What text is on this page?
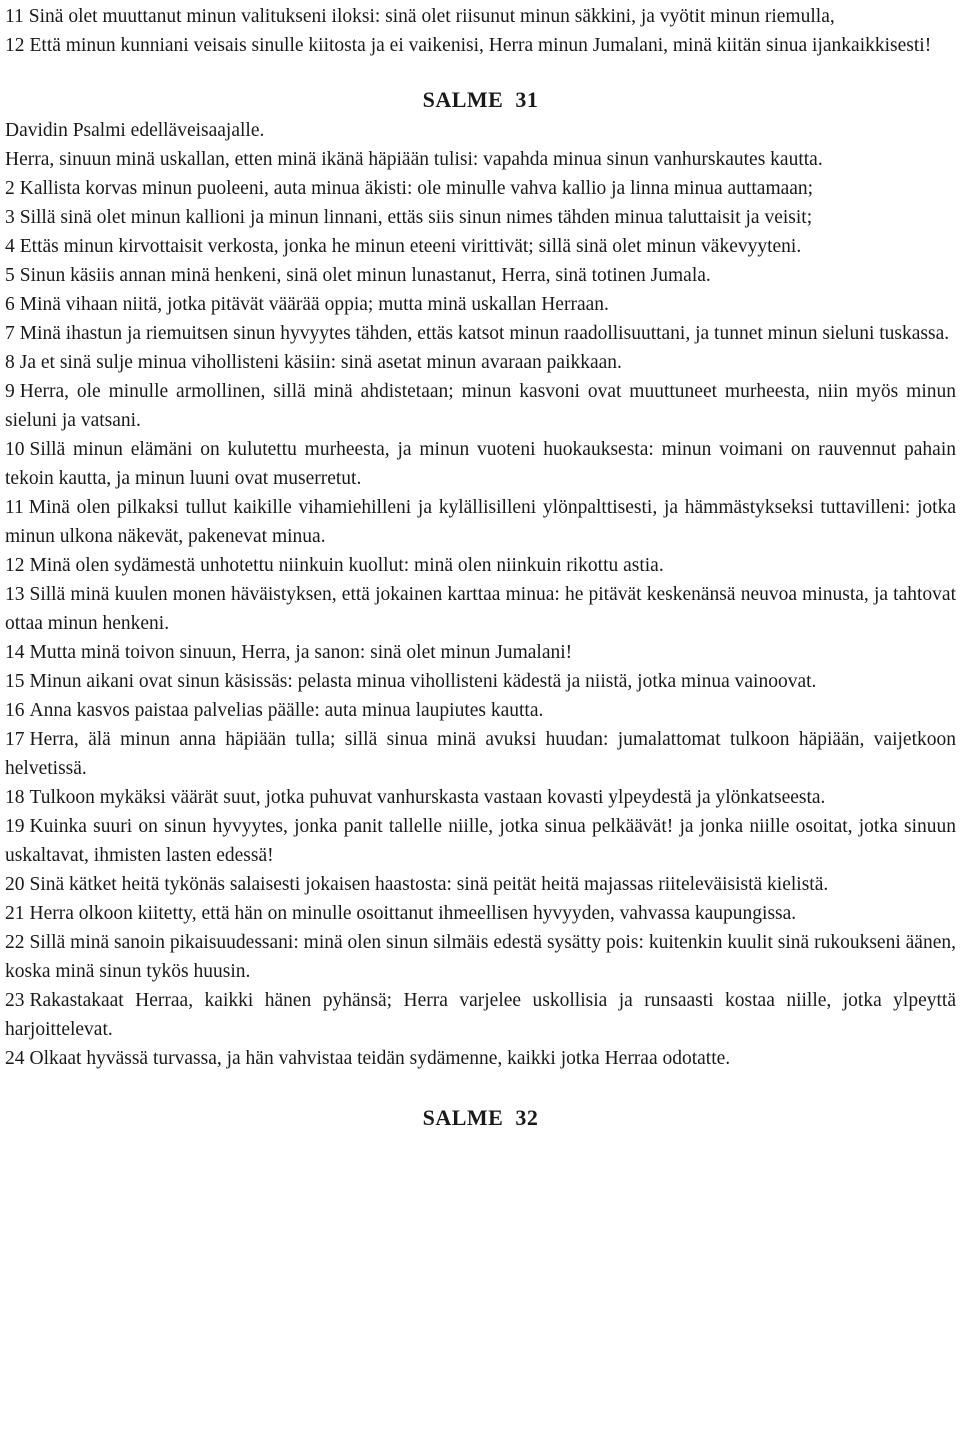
11 Sinä olet muuttanut minun valitukseni iloksi: sinä olet riisunut minun säkkini, ja vyötit minun riemulla,

12 Että minun kunniani veisais sinulle kiitosta ja ei vaikenisi, Herra minun Jumalani, minä kiitän sinua ijankaikkisesti!

SALME  31

Davidin Psalmi edelläveisaajalle.

Herra, sinuun minä uskallan, etten minä ikänä häpiään tulisi: vapahda minua sinun vanhurskautes kautta.

2 Kallista korvas minun puoleeni, auta minua äkisti: ole minulle vahva kallio ja linna minua auttamaan;

3 Sillä sinä olet minun kallioni ja minun linnani, ettäs siis sinun nimes tähden minua taluttaisit ja veisit;

4 Ettäs minun kirvottaisit verkosta, jonka he minun eteeni virittivät; sillä sinä olet minun väkevyyteni.

5 Sinun käsiis annan minä henkeni, sinä olet minun lunastanut, Herra, sinä totinen Jumala.

6 Minä vihaan niitä, jotka pitävät väärää oppia; mutta minä uskallan Herraan.

7 Minä ihastun ja riemuitsen sinun hyvyytes tähden, ettäs katsot minun raadollisuuttani, ja tunnet minun sieluni tuskassa.

8 Ja et sinä sulje minua vihollisteni käsiin: sinä asetat minun avaraan paikkaan.

9 Herra, ole minulle armollinen, sillä minä ahdistetaan; minun kasvoni ovat muuttuneet murheesta, niin myös minun sieluni ja vatsani.

10 Sillä minun elämäni on kulutettu murheesta, ja minun vuoteni huokauksesta: minun voimani on rauvennut pahain tekoin kautta, ja minun luuni ovat muserretut.

11 Minä olen pilkaksi tullut kaikille vihamiehilleni ja kylällisilleni ylönpalttisesti, ja hämmästykseksi tuttavilleni: jotka minun ulkona näkevät, pakenevat minua.

12 Minä olen sydämestä unhotettu niinkuin kuollut: minä olen niinkuin rikottu astia.

13 Sillä minä kuulen monen häväistyksen, että jokainen karttaa minua: he pitävät keskenänsä neuvoa minusta, ja tahtovat ottaa minun henkeni.

14 Mutta minä toivon sinuun, Herra, ja sanon: sinä olet minun Jumalani!

15 Minun aikani ovat sinun käsissäs: pelasta minua vihollisteni kädestä ja niistä, jotka minua vainoovat.

16 Anna kasvos paistaa palvelias päälle: auta minua laupiutes kautta.

17 Herra, älä minun anna häpiään tulla; sillä sinua minä avuksi huudan: jumalattomat tulkoon häpiään, vaijetkoon helvetissä.

18 Tulkoon mykäksi väärät suut, jotka puhuvat vanhurskasta vastaan kovasti ylpeydestä ja ylönkatseesta.

19 Kuinka suuri on sinun hyvyytes, jonka panit tallelle niille, jotka sinua pelkäävät! ja jonka niille osoitat, jotka sinuun uskaltavat, ihmisten lasten edessä!

20 Sinä kätket heitä tykönäs salaisesti jokaisen haastosta: sinä peität heitä majassas riiteleväisistä kielistä.

21 Herra olkoon kiitetty, että hän on minulle osoittanut ihmeellisen hyvyyden, vahvassa kaupungissa.

22 Sillä minä sanoin pikaisuudessani: minä olen sinun silmäis edestä sysätty pois: kuitenkin kuulit sinä rukoukseni äänen, koska minä sinun tykös huusin.

23 Rakastakaat Herraa, kaikki hänen pyhänsä; Herra varjelee uskollisia ja runsaasti kostaa niille, jotka ylpeyttä harjoittelevat.

24 Olkaat hyvässä turvassa, ja hän vahvistaa teidän sydämenne, kaikki jotka Herraa odotatte.

SALME  32
